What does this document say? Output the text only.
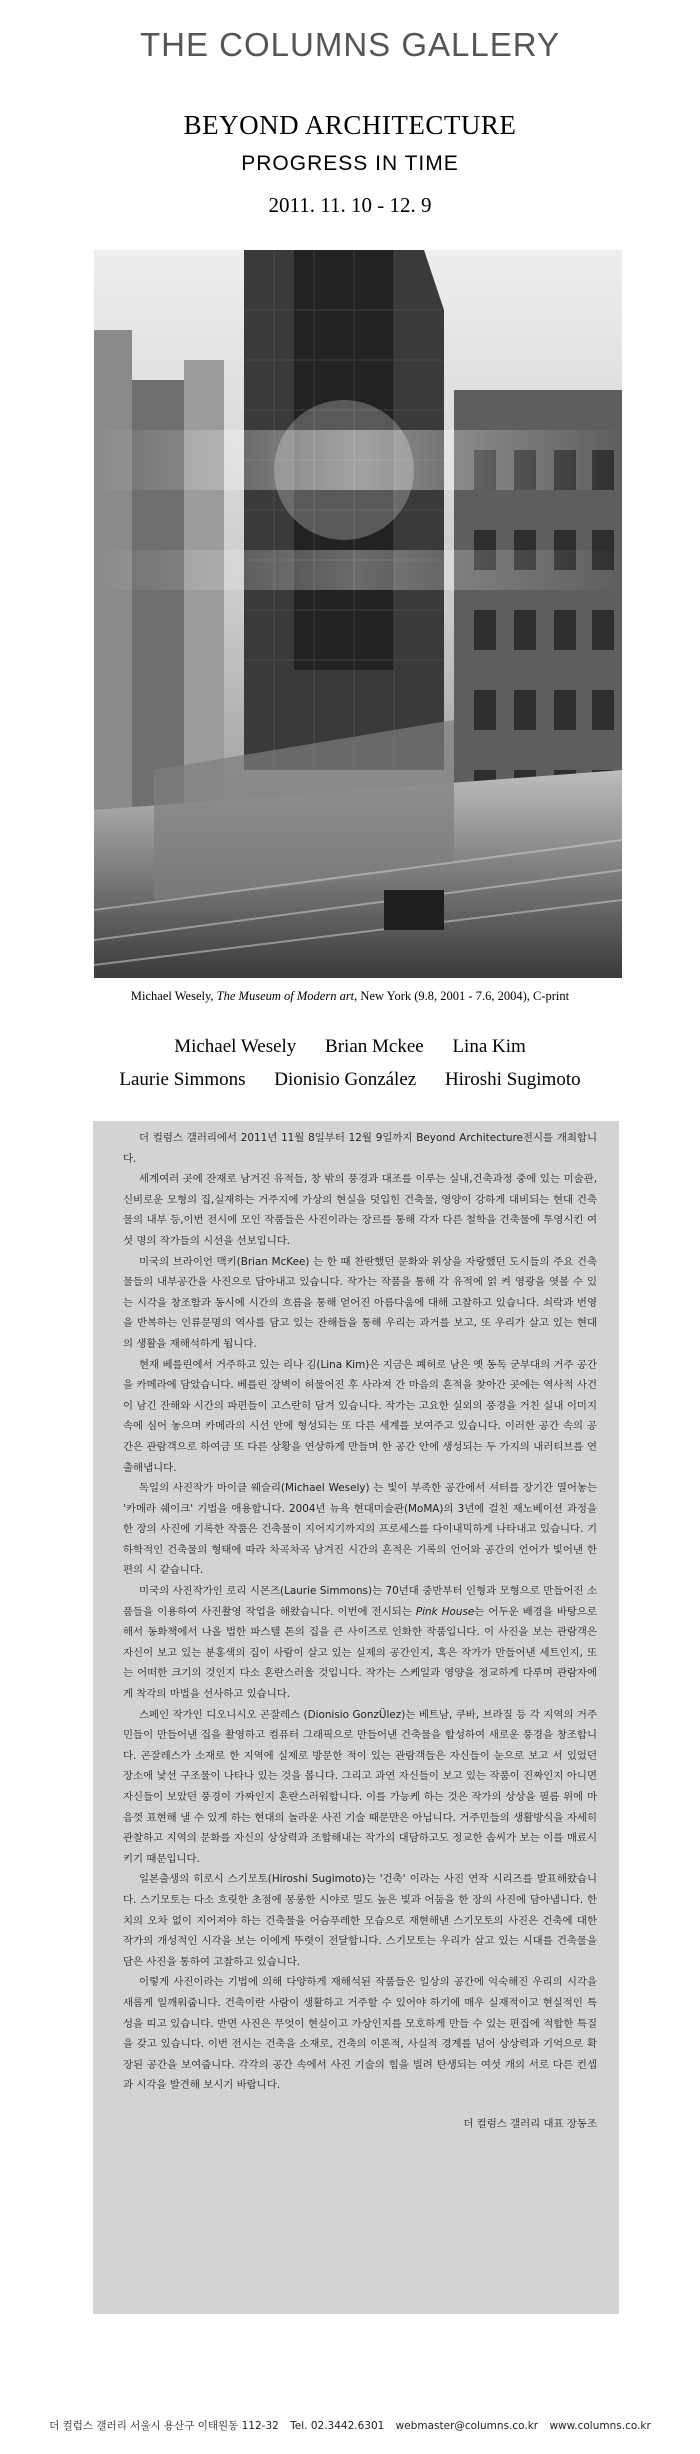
THE COLUMNS GALLERY
BEYOND ARCHITECTURE
PROGRESS IN TIME
2011. 11. 10 - 12. 9
Michael Wesely, The Museum of Modern art, New York (9.8, 2001 - 7.6, 2004), C-print
Michael Wesely Brian Mckee Lina Kim
Laurie Simmons Dionisio González Hiroshi Sugimoto

더 컬럼스 갤러리에서 2011년 11월 8일부터 12월 9일까지 Beyond Architecture전시를 개최합니다.

세계여러 곳에 잔재로 남겨진 유적들, 창 밖의 풍경과 대조를 이루는 실내,건축과정 중에 있는 미술관,신비로운 모형의 집,실재하는 거주지에 가상의 현실을 덧입힌 건축물, 영양이 강하게 대비되는 현대 건축물의 내부 등,이번 전시에 모인 작품들은 사진이라는 장르를 통해 각자 다른 철학을 건축물에 투영시킨 여섯 명의 작가들의 시선을 선보입니다.

미국의 브라이언 맥키(Brian McKee) 는 한 때 찬란했던 문화와 위상을 자랑했던 도시들의 주요 건축물들의 내부공간을 사진으로 담아내고 있습니다. 작가는 작품을 통해 각 유적에 얽 켜 영광을 엿볼 수 있는 시각을 창조함과 동시에 시간의 흐름을 통해 얻어진 아름다움에 대해 고찰하고 있습니다. 쇠락과 번영을 반복하는 인류문명의 역사를 담고 있는 잔해들을 통해 우리는 과거를 보고, 또 우리가 살고 있는 현대의 생활을 재해석하게 됩니다.

현재 베를린에서 거주하고 있는 리나 김(Lina Kim)은 지금은 폐허로 남은 옛 동독 군부대의 거주 공간을 카메라에 담았습니다. 베를린 장벽이 허물어진 후 사라져 간 마음의 흔적을 찾아간 곳에는 역사적 사건이 남긴 잔해와 시간의 파편들이 고스란히 담겨 있습니다. 작가는 고요한 실외의 풍경을 거친 실내 이미지 속에 심어 놓으며 카메라의 시선 안에 형성되는 또 다른 세계를 보여주고 있습니다. 이러한 공간 속의 공간은 관람객으로 하여금 또 다른 상황을 연상하게 만들며 한 공간 안에 생성되는 두 가지의 내러티브를 연출해냅니다.

독일의 사진작가 마이클 웨슬리(Michael Wesely) 는 빛이 부족한 공간에서 셔터를 장기간 열어놓는 '카메라 쉐이크' 기법을 애용합니다. 2004년 뉴욕 현대미술관(MoMA)의 3년에 걸친 재노베이션 과정을 한 장의 사진에 기록한 작품은 건축물이 지어지기까지의 프로세스를 다이내믹하게 나타내고 있습니다. 기하학적인 건축물의 형태에 따라 차곡차곡 남겨진 시간의 흔적은 기록의 언어와 공간의 언어가 빛어낸 한 편의 시 같습니다.

미국의 사진작가인 로리 시몬즈(Laurie Simmons)는 70년대 중반부터 인형과 모형으로 만들어진 소품들을 이용하여 사진촬영 작업을 해왔습니다. 이번에 전시되는 Pink House는 어두운 배경을 바탕으로 해서 동화책에서 나올 법한 파스텔 톤의 집을 큰 사이즈로 인화한 작품입니다. 이 사진을 보는 관람객은 자신이 보고 있는 분홍색의 집이 사람이 살고 있는 실제의 공간인지, 혹은 작가가 만들어낸 세트인지, 또는 어떠한 크기의 것인지 다소 혼란스러울 것입니다. 작가는 스케일과 영양을 정교하게 다루며 관람자에게 착각의 마법을 선사하고 있습니다.

스페인 작가인 디오니시오 곤잘레스 (Dionisio GonzÜlez)는 베트남, 쿠바, 브라질 등 각 지역의 거주민들이 만들어낸 집을 촬영하고 컴퓨터 그래픽으로 만들어낸 건축물을 합성하여 새로운 풍경을 창조합니다. 곤잘레스가 소재로 한 지역에 실제로 방문한 적이 있는 관람객들은 자신들이 눈으로 보고 서 있었던 장소에 낯선 구조물이 나타나 있는 것을 봅니다. 그리고 과연 자신들이 보고 있는 작품이 진짜인지 아니면 자신들이 보았던 풍경이 가짜인지 혼란스러워합니다. 이를 가능케 하는 것은 작가의 상상을 필름 위에 마음껏 표현해 낼 수 있게 하는 현대의 놀라운 사진 기술 때문만은 아닙니다. 거주민들의 생활방식을 자세히 관찰하고 지역의 문화를 자신의 상상력과 조합해내는 작가의 대담하고도 정교한 솜씨가 보는 이를 매료시키기 때문입니다.

일본출생의 히로시 스기모토(Hiroshi Sugimoto)는 '건축' 이라는 사진 연작 시리즈를 발표해왔습니다. 스기모토는 다소 흐릿한 초점에 몽롱한 시야로 밀도 높은 빛과 어둠을 한 장의 사진에 담아냅니다. 한 치의 오차 없이 지어져야 하는 건축물을 어슴푸레한 모습으로 재현해낸 스기모토의 사진은 건축에 대한 작가의 개성적인 시각을 보는 이에게 뚜렷이 전달합니다. 스기모토는 우리가 살고 있는 시대를 건축물을 담은 사진을 통하여 고찰하고 있습니다.

이렇게 사진이라는 기법에 의해 다양하게 재해석된 작품들은 일상의 공간에 익숙해진 우리의 시각을 새롭게 일깨워줍니다. 건축이란 사람이 생활하고 거주할 수 있어야 하기에 매우 실재적이고 현실적인 특성을 띠고 있습니다. 반면 사진은 무엇이 현실이고 가상인지를 모호하게 만들 수 있는 편집에 적합한 특질을 갖고 있습니다. 이번 전시는 건축을 소재로, 건축의 이론적, 사실적 경계를 넘어 상상력과 기억으로 확장된 공간을 보여줍니다. 각각의 공간 속에서 사진 기술의 힘을 빌려 탄생되는 여섯 개의 서로 다른 컨셉과 시각을 발견해 보시기 바랍니다.

더 컬럼스 갤러리 대표 장동조

더 컬럼스 갤러리 서울시 용산구 이태원동 112-32 Tel. 02.3442.6301 webmaster@columns.co.kr www.columns.co.kr
